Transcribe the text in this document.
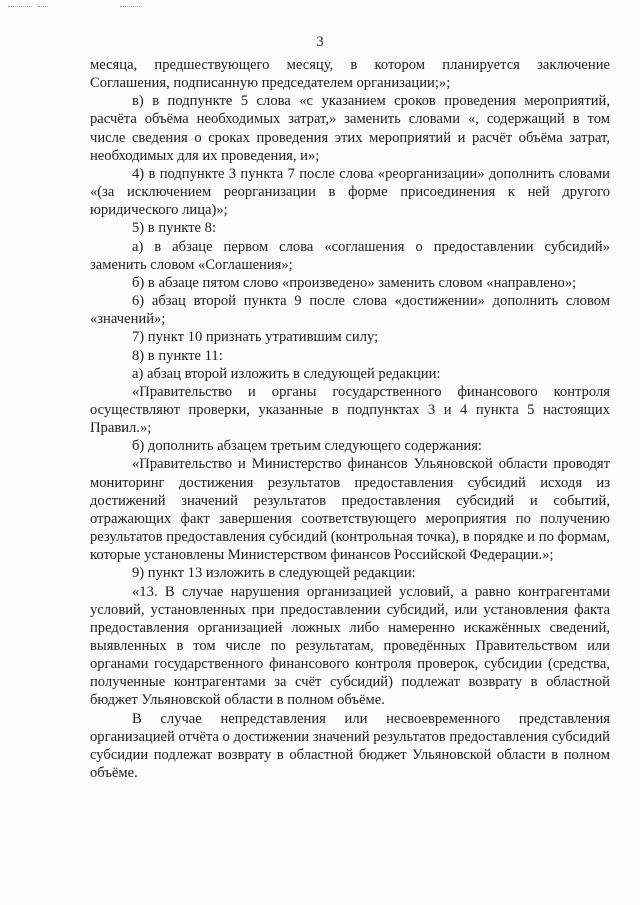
3

месяца, предшествующего месяцу, в котором планируется заключение Соглашения, подписанную председателем организации;»;

в) в подпункте 5 слова «с указанием сроков проведения мероприятий, расчёта объёма необходимых затрат,» заменить словами «, содержащий в том числе сведения о сроках проведения этих мероприятий и расчёт объёма затрат, необходимых для их проведения, и»;

4) в подпункте 3 пункта 7 после слова «реорганизации» дополнить словами «(за исключением реорганизации в форме присоединения к ней другого юридического лица)»;

5) в пункте 8:

а) в абзаце первом слова «соглашения о предоставлении субсидий» заменить словом «Соглашения»;

б) в абзаце пятом слово «произведено» заменить словом «направлено»;

6) абзац второй пункта 9 после слова «достижении» дополнить словом «значений»;

7) пункт 10 признать утратившим силу;

8) в пункте 11:

а) абзац второй изложить в следующей редакции:

«Правительство и органы государственного финансового контроля осуществляют проверки, указанные в подпунктах 3 и 4 пункта 5 настоящих Правил.»;

б) дополнить абзацем третьим следующего содержания:

«Правительство и Министерство финансов Ульяновской области проводят мониторинг достижения результатов предоставления субсидий исходя из достижений значений результатов предоставления субсидий и событий, отражающих факт завершения соответствующего мероприятия по получению результатов предоставления субсидий (контрольная точка), в порядке и по формам, которые установлены Министерством финансов Российской Федерации.»;

9) пункт 13 изложить в следующей редакции:

«13. В случае нарушения организацией условий, а равно контрагентами условий, установленных при предоставлении субсидий, или установления факта предоставления организацией ложных либо намеренно искажённых сведений, выявленных в том числе по результатам, проведённых Правительством или органами государственного финансового контроля проверок, субсидии (средства, полученные контрагентами за счёт субсидий) подлежат возврату в областной бюджет Ульяновской области в полном объёме.

В случае непредставления или несвоевременного представления организацией отчёта о достижении значений результатов предоставления субсидий субсидии подлежат возврату в областной бюджет Ульяновской области в полном объёме.
